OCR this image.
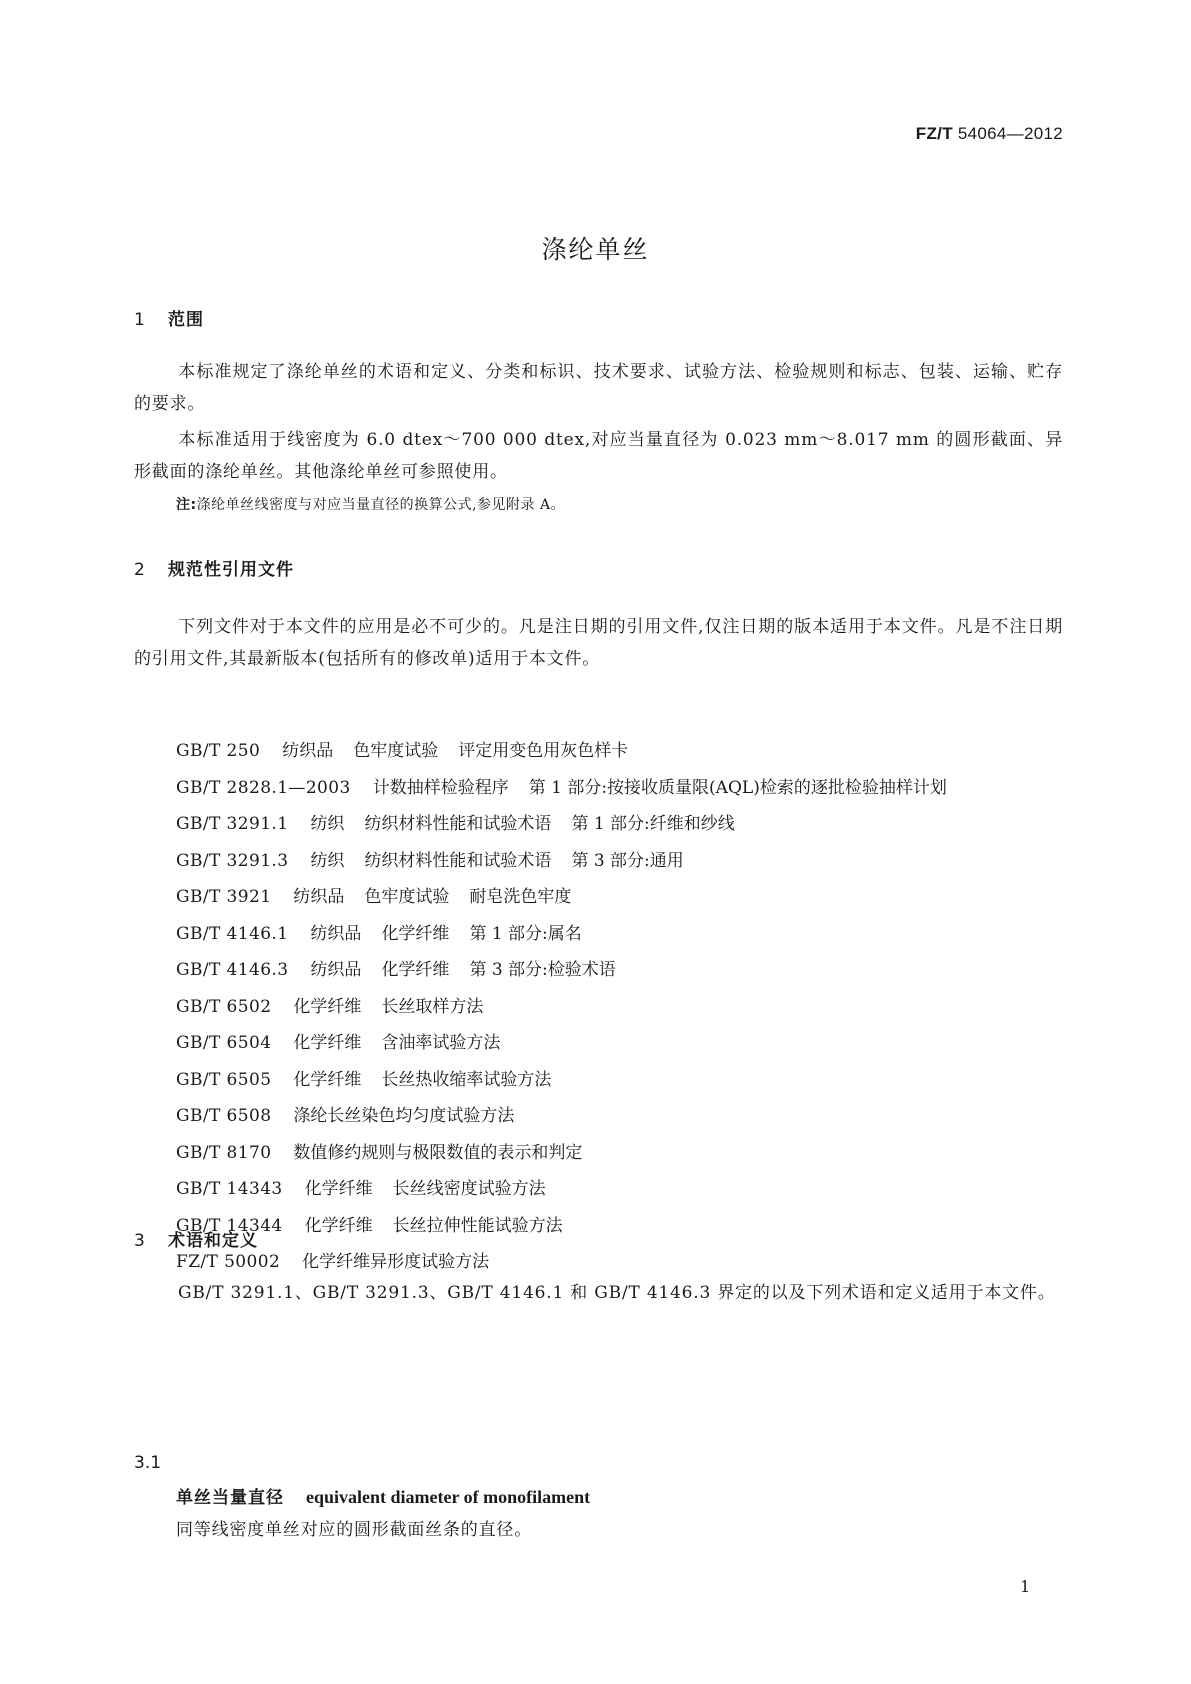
FZ/T 54064—2012
涤纶单丝
1 范围
本标准规定了涤纶单丝的术语和定义、分类和标识、技术要求、试验方法、检验规则和标志、包装、运输、贮存的要求。
本标准适用于线密度为 6.0 dtex～700 000 dtex,对应当量直径为 0.023 mm～8.017 mm 的圆形截面、异形截面的涤纶单丝。其他涤纶单丝可参照使用。
注:涤纶单丝线密度与对应当量直径的换算公式,参见附录 A。
2 规范性引用文件
下列文件对于本文件的应用是必不可少的。凡是注日期的引用文件,仅注日期的版本适用于本文件。凡是不注日期的引用文件,其最新版本(包括所有的修改单)适用于本文件。
GB/T 250 纺织品 色牢度试验 评定用变色用灰色样卡
GB/T 2828.1—2003 计数抽样检验程序 第 1 部分:按接收质量限(AQL)检索的逐批检验抽样计划
GB/T 3291.1 纺织 纺织材料性能和试验术语 第 1 部分:纤维和纱线
GB/T 3291.3 纺织 纺织材料性能和试验术语 第 3 部分:通用
GB/T 3921 纺织品 色牢度试验 耐皂洗色牢度
GB/T 4146.1 纺织品 化学纤维 第 1 部分:属名
GB/T 4146.3 纺织品 化学纤维 第 3 部分:检验术语
GB/T 6502 化学纤维 长丝取样方法
GB/T 6504 化学纤维 含油率试验方法
GB/T 6505 化学纤维 长丝热收缩率试验方法
GB/T 6508 涤纶长丝染色均匀度试验方法
GB/T 8170 数值修约规则与极限数值的表示和判定
GB/T 14343 化学纤维 长丝线密度试验方法
GB/T 14344 化学纤维 长丝拉伸性能试验方法
FZ/T 50002 化学纤维异形度试验方法
3 术语和定义
GB/T 3291.1、GB/T 3291.3、GB/T 4146.1 和 GB/T 4146.3 界定的以及下列术语和定义适用于本文件。
3.1
单丝当量直径 equivalent diameter of monofilament
同等线密度单丝对应的圆形截面丝条的直径。
1
